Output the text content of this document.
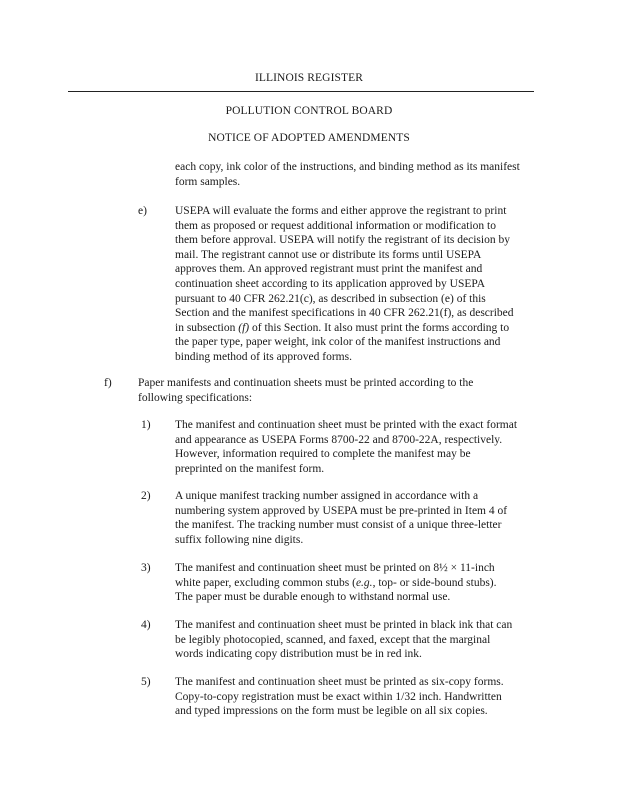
ILLINOIS REGISTER
POLLUTION CONTROL BOARD
NOTICE OF ADOPTED AMENDMENTS
each copy, ink color of the instructions, and binding method as its manifest
form samples.
e) USEPA will evaluate the forms and either approve the registrant to print
them as proposed or request additional information or modification to
them before approval. USEPA will notify the registrant of its decision by
mail. The registrant cannot use or distribute its forms until USEPA
approves them. An approved registrant must print the manifest and
continuation sheet according to its application approved by USEPA
pursuant to 40 CFR 262.21(c), as described in subsection (e) of this
Section and the manifest specifications in 40 CFR 262.21(f), as described
in subsection (f) of this Section. It also must print the forms according to
the paper type, paper weight, ink color of the manifest instructions and
binding method of its approved forms.
f) Paper manifests and continuation sheets must be printed according to the
following specifications:
1) The manifest and continuation sheet must be printed with the exact format
and appearance as USEPA Forms 8700-22 and 8700-22A, respectively.
However, information required to complete the manifest may be
preprinted on the manifest form.
2) A unique manifest tracking number assigned in accordance with a
numbering system approved by USEPA must be pre-printed in Item 4 of
the manifest. The tracking number must consist of a unique three-letter
suffix following nine digits.
3) The manifest and continuation sheet must be printed on 8½ × 11-inch
white paper, excluding common stubs (e.g., top- or side-bound stubs).
The paper must be durable enough to withstand normal use.
4) The manifest and continuation sheet must be printed in black ink that can
be legibly photocopied, scanned, and faxed, except that the marginal
words indicating copy distribution must be in red ink.
5) The manifest and continuation sheet must be printed as six-copy forms.
Copy-to-copy registration must be exact within 1/32 inch. Handwritten
and typed impressions on the form must be legible on all six copies.
